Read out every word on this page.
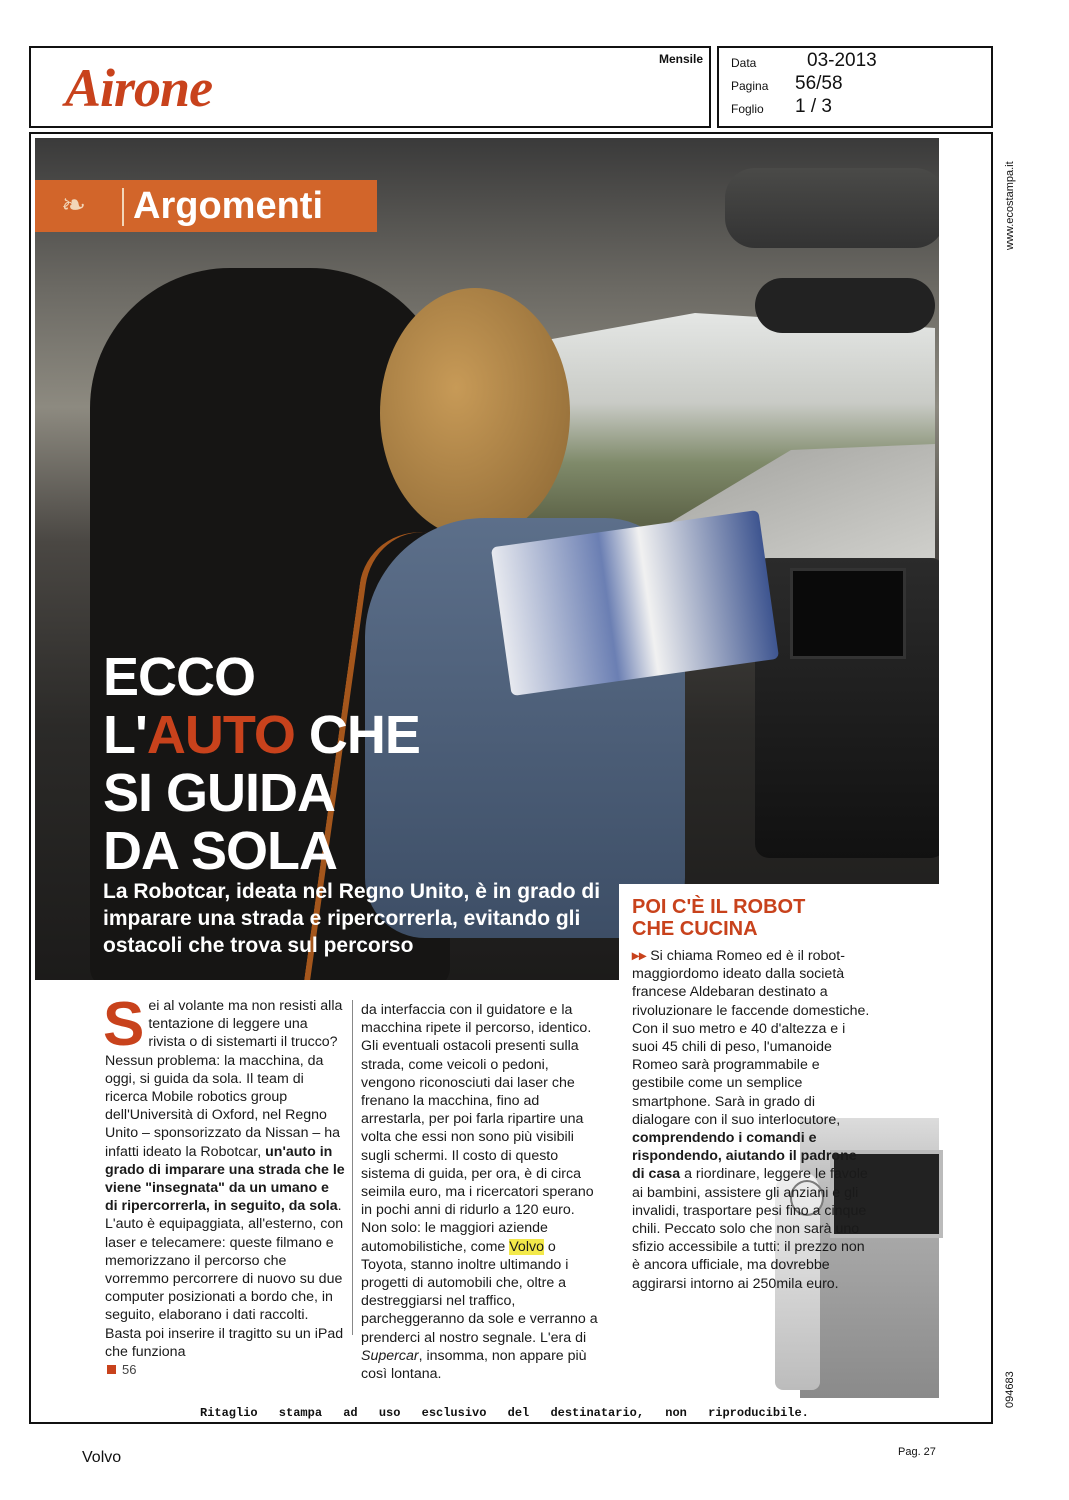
Airone	Mensile Data	03-2013
Pagina 56/58
Foglio 1 / 3
www.ecostampa.it
094683
❧ Argomenti
ECCO
L'AUTO CHE
SI GUIDA
DA SOLA
La Robotcar, ideata nel Regno Unito, è in grado di imparare una strada e ripercorrerla, evitando gli ostacoli che trova sul percorso
Sei al volante ma non resisti alla tentazione di leggere una rivista o di sistemarti il trucco? Nessun problema: la macchina, da oggi, si guida da sola. Il team di ricerca Mobile robotics group dell'Università di Oxford, nel Regno Unito – sponsorizzato da Nissan – ha infatti ideato la Robotcar, un'auto in grado di imparare una strada che le viene "insegnata" da un umano e di ripercorrerla, in seguito, da sola. L'auto è equipaggiata, all'esterno, con laser e telecamere: queste filmano e memorizzano il percorso che vorremmo percorrere di nuovo su due computer posizionati a bordo che, in seguito, elaborano i dati raccolti. Basta poi inserire il tragitto su un iPad che funziona
da interfaccia con il guidatore e la macchina ripete il percorso, identico. Gli eventuali ostacoli presenti sulla strada, come veicoli o pedoni, vengono riconosciuti dai laser che frenano la macchina, fino ad arrestarla, per poi farla ripartire una volta che essi non sono più visibili sugli schermi. Il costo di questo sistema di guida, per ora, è di circa seimila euro, ma i ricercatori sperano in pochi anni di ridurlo a 120 euro. Non solo: le maggiori aziende automobilistiche, come Volvo o Toyota, stanno inoltre ultimando i progetti di automobili che, oltre a destreggiarsi nel traffico, parcheggeranno da sole e verranno a prenderci al nostro segnale. L'era di Supercar, insomma, non appare più così lontana.
56
POI C'È IL ROBOT
CHE CUCINA
▸▸ Si chiama Romeo ed è il robot-maggiordomo ideato dalla società francese Aldebaran destinato a rivoluzionare le faccende domestiche. Con il suo metro e 40 d'altezza e i suoi 45 chili di peso, l'umanoide Romeo sarà programmabile e gestibile come un semplice smartphone. Sarà in grado di dialogare con il suo interlocutore, comprendendo i comandi e rispondendo, aiutando il padrone di casa a riordinare, leggere le favole ai bambini, assistere gli anziani e gli invalidi, trasportare pesi fino a cinque chili. Peccato solo che non sarà uno sfizio accessibile a tutti: il prezzo non è ancora ufficiale, ma dovrebbe aggirarsi intorno ai 250mila euro.
Ritaglio stampa ad uso esclusivo del destinatario, non riproducibile.
Volvo	Pag. 27
